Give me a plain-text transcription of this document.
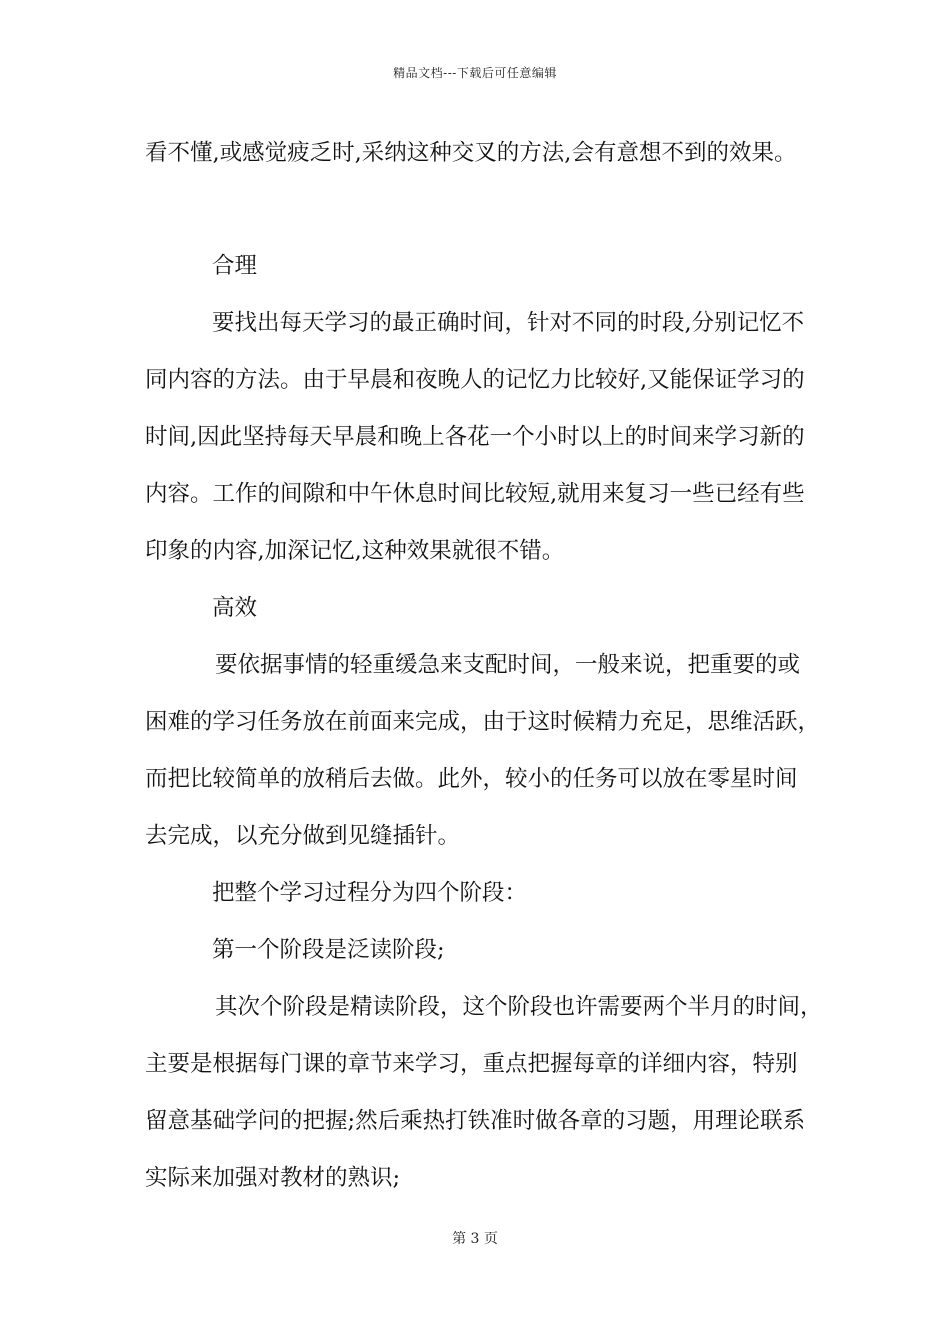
精品文档---下载后可任意编辑
看不懂,或感觉疲乏时,采纳这种交叉的方法,会有意想不到的效果。
合理
要找出每天学习的最正确时间，针对不同的时段,分别记忆不
同内容的方法。由于早晨和夜晚人的记忆力比较好,又能保证学习的
时间,因此坚持每天早晨和晚上各花一个小时以上的时间来学习新的
内容。工作的间隙和中午休息时间比较短,就用来复习一些已经有些
印象的内容,加深记忆,这种效果就很不错。
高效
要依据事情的轻重缓急来支配时间，一般来说，把重要的或
困难的学习任务放在前面来完成，由于这时候精力充足，思维活跃，
而把比较简单的放稍后去做。此外，较小的任务可以放在零星时间
去完成，以充分做到见缝插针。
把整个学习过程分为四个阶段：
第一个阶段是泛读阶段;
其次个阶段是精读阶段，这个阶段也许需要两个半月的时间，
主要是根据每门课的章节来学习，重点把握每章的详细内容，特别
留意基础学问的把握;然后乘热打铁准时做各章的习题，用理论联系
实际来加强对教材的熟识;
第 3 页
